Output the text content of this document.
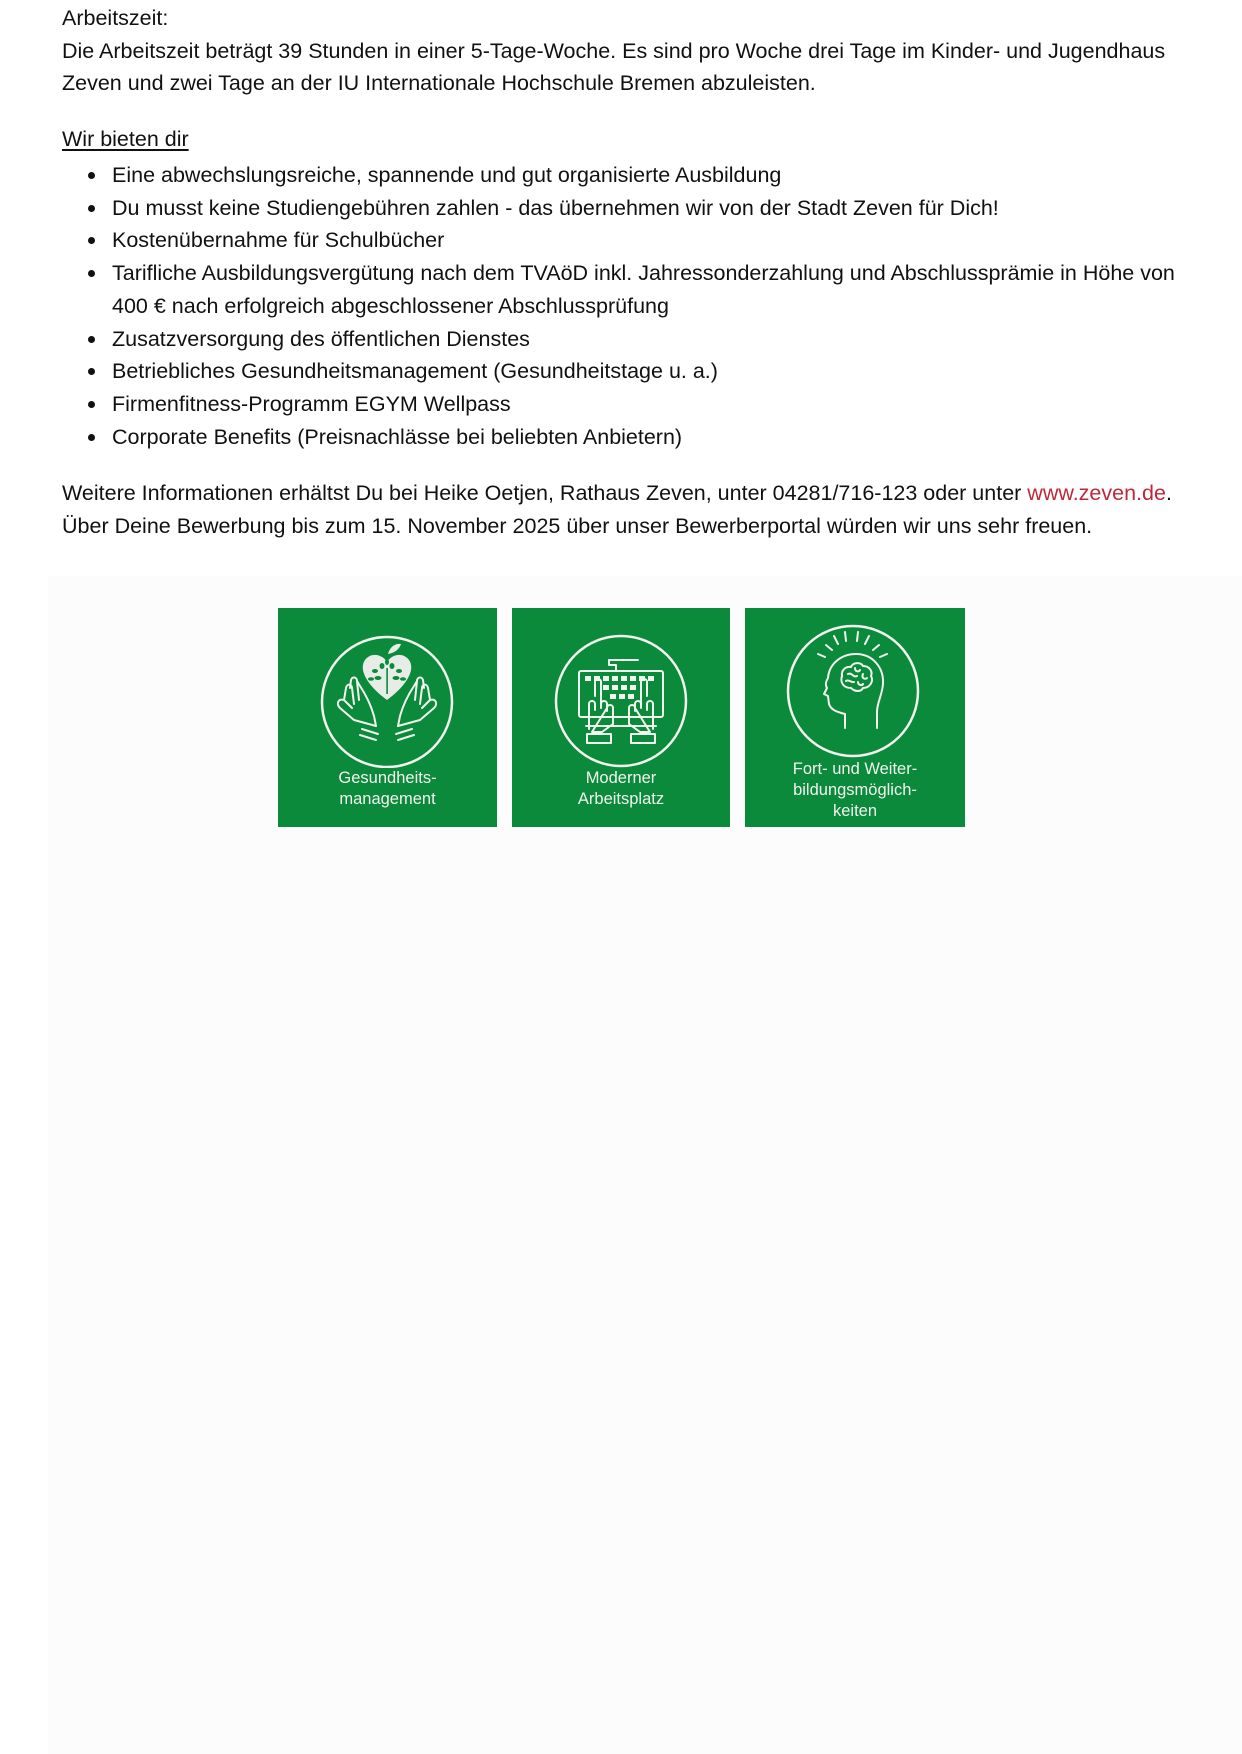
Arbeitszeit:
Die Arbeitszeit beträgt 39 Stunden in einer 5-Tage-Woche. Es sind pro Woche drei Tage im Kinder- und Jugendhaus Zeven und zwei Tage an der IU Internationale Hochschule Bremen abzuleisten.
Wir bieten dir
Eine abwechslungsreiche, spannende und gut organisierte Ausbildung
Du musst keine Studiengebühren zahlen - das übernehmen wir von der Stadt Zeven für Dich!
Kostenübernahme für Schulbücher
Tarifliche Ausbildungsvergütung nach dem TVAöD inkl. Jahressonderzahlung und Abschlussprämie in Höhe von 400 € nach erfolgreich abgeschlossener Abschlussprüfung
Zusatzversorgung des öffentlichen Dienstes
Betriebliches Gesundheitsmanagement (Gesundheitstage u. a.)
Firmenfitness-Programm EGYM Wellpass
Corporate Benefits (Preisnachlässe bei beliebten Anbietern)
Weitere Informationen erhältst Du bei Heike Oetjen, Rathaus Zeven, unter 04281/716-123 oder unter www.zeven.de. Über Deine Bewerbung bis zum 15. November 2025 über unser Bewerberportal würden wir uns sehr freuen.
Gesundheits-
management
Moderner
Arbeitsplatz
Fort- und Weiter-
bildungsmöglich-
keiten
